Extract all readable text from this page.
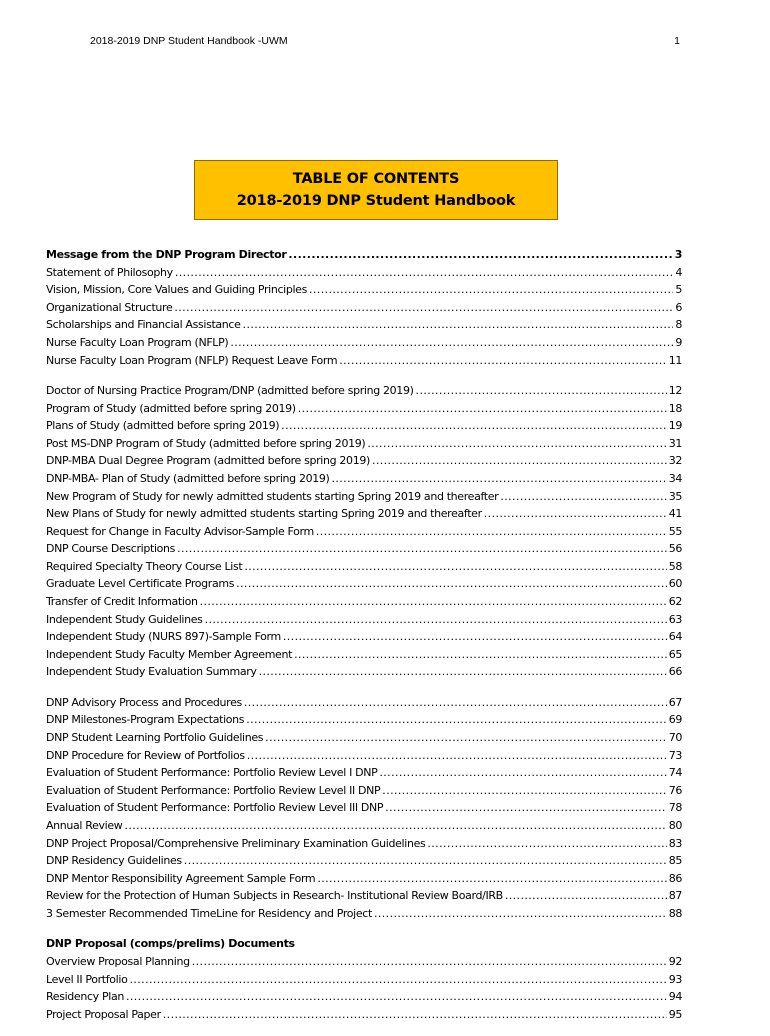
2018-2019 DNP Student Handbook -UWM	1
TABLE OF CONTENTS
2018-2019 DNP Student Handbook
Message from the DNP Program Director .....	3
Statement of Philosophy .....	4
Vision, Mission, Core Values and Guiding Principles .....	5
Organizational Structure .....	6
Scholarships and Financial Assistance .....	8
Nurse Faculty Loan Program (NFLP) .....	9
Nurse Faculty Loan Program (NFLP) Request Leave Form .....	11
Doctor of Nursing Practice Program/DNP (admitted before spring 2019) .....	12
Program of Study (admitted before spring 2019) .....	18
Plans of Study (admitted before spring 2019) .....	19
Post MS-DNP Program of Study (admitted before spring 2019) .....	31
DNP-MBA Dual Degree Program (admitted before spring 2019) .....	32
DNP-MBA- Plan of Study (admitted before spring 2019) .....	34
New Program of Study for newly admitted students starting Spring 2019 and thereafter .....	35
New Plans of Study for newly admitted students starting Spring 2019 and thereafter .....	41
Request for Change in Faculty Advisor-Sample Form .....	55
DNP Course Descriptions .....	56
Required Specialty Theory Course List .....	58
Graduate Level Certificate Programs .....	60
Transfer of Credit Information .....	62
Independent Study Guidelines .....	63
Independent Study (NURS 897)-Sample Form .....	64
Independent Study Faculty Member Agreement .....	65
Independent Study Evaluation Summary .....	66
DNP Advisory Process and Procedures .....	67
DNP Milestones-Program Expectations .....	69
DNP Student Learning Portfolio Guidelines .....	70
DNP Procedure for Review of Portfolios .....	73
Evaluation of Student Performance: Portfolio Review Level I DNP .....	74
Evaluation of Student Performance: Portfolio Review Level II DNP .....	76
Evaluation of Student Performance: Portfolio Review Level III DNP .....	78
Annual Review .....	80
DNP Project Proposal/Comprehensive Preliminary Examination Guidelines .....	83
DNP Residency Guidelines .....	85
DNP Mentor Responsibility Agreement Sample Form .....	86
Review for the Protection of Human Subjects in Research- Institutional Review Board/IRB .....	87
3 Semester Recommended TimeLine for Residency and Project .....	88
DNP Proposal (comps/prelims) Documents
Overview Proposal Planning .....	92
Level II Portfolio .....	93
Residency Plan .....	94
Project Proposal Paper .....	95
